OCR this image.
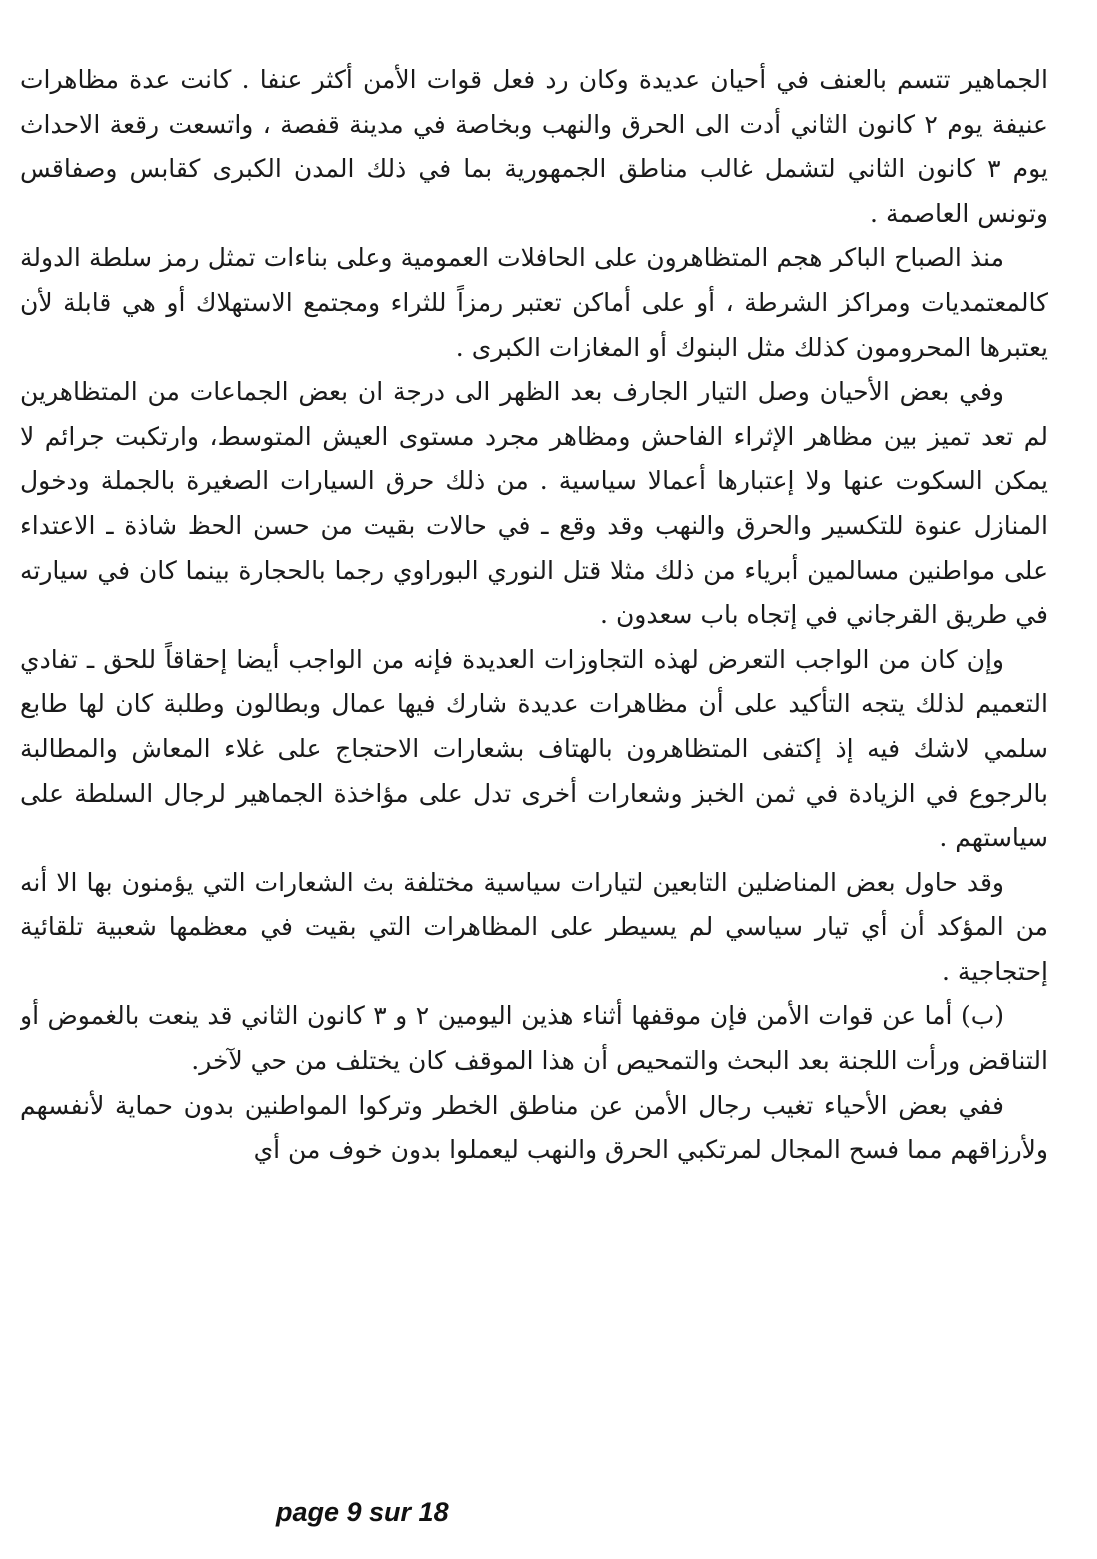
الجماهير تتسم بالعنف في أحيان عديدة وكان رد فعل قوات الأمن أكثر عنفا . كانت عدة مظاهرات عنيفة يوم ٢ كانون الثاني أدت الى الحرق والنهب وبخاصة في مدينة قفصة ، واتسعت رقعة الاحداث يوم ٣ كانون الثاني لتشمل غالب مناطق الجمهورية بما في ذلك المدن الكبرى كقابس وصفاقس وتونس العاصمة .

منذ الصباح الباكر هجم المتظاهرون على الحافلات العمومية وعلى بناءات تمثل رمز سلطة الدولة كالمعتمديات ومراكز الشرطة ، أو على أماكن تعتبر رمزاً للثراء ومجتمع الاستهلاك أو هي قابلة لأن يعتبرها المحرومون كذلك مثل البنوك أو المغازات الكبرى .

وفي بعض الأحيان وصل التيار الجارف بعد الظهر الى درجة ان بعض الجماعات من المتظاهرين لم تعد تميز بين مظاهر الإثراء الفاحش ومظاهر مجرد مستوى العيش المتوسط، وارتكبت جرائم لا يمكن السكوت عنها ولا إعتبارها أعمالا سياسية . من ذلك حرق السيارات الصغيرة بالجملة ودخول المنازل عنوة للتكسير والحرق والنهب وقد وقع ـ في حالات بقيت من حسن الحظ شاذة ـ الاعتداء على مواطنين مسالمين أبرياء من ذلك مثلا قتل النوري البوراوي رجما بالحجارة بينما كان في سيارته في طريق القرجاني في إتجاه باب سعدون .

وإن كان من الواجب التعرض لهذه التجاوزات العديدة فإنه من الواجب أيضا إحقاقاً للحق ـ تفادي التعميم لذلك يتجه التأكيد على أن مظاهرات عديدة شارك فيها عمال وبطالون وطلبة كان لها طابع سلمي لاشك فيه إذ إكتفى المتظاهرون بالهتاف بشعارات الاحتجاج على غلاء المعاش والمطالبة بالرجوع في الزيادة في ثمن الخبز وشعارات أخرى تدل على مؤاخذة الجماهير لرجال السلطة على سياستهم .

وقد حاول بعض المناضلين التابعين لتيارات سياسية مختلفة بث الشعارات التي يؤمنون بها الا أنه من المؤكد أن أي تيار سياسي لم يسيطر على المظاهرات التي بقيت في معظمها شعبية تلقائية إحتجاجية .

(ب) أما عن قوات الأمن فإن موقفها أثناء هذين اليومين ٢ و ٣ كانون الثاني قد ينعت بالغموض أو التناقض ورأت اللجنة بعد البحث والتمحيص أن هذا الموقف كان يختلف من حي لآخر.

ففي بعض الأحياء تغيب رجال الأمن عن مناطق الخطر وتركوا المواطنين بدون حماية لأنفسهم ولأرزاقهم مما فسح المجال لمرتكبي الحرق والنهب ليعملوا بدون خوف من أي

page 9 sur 18
